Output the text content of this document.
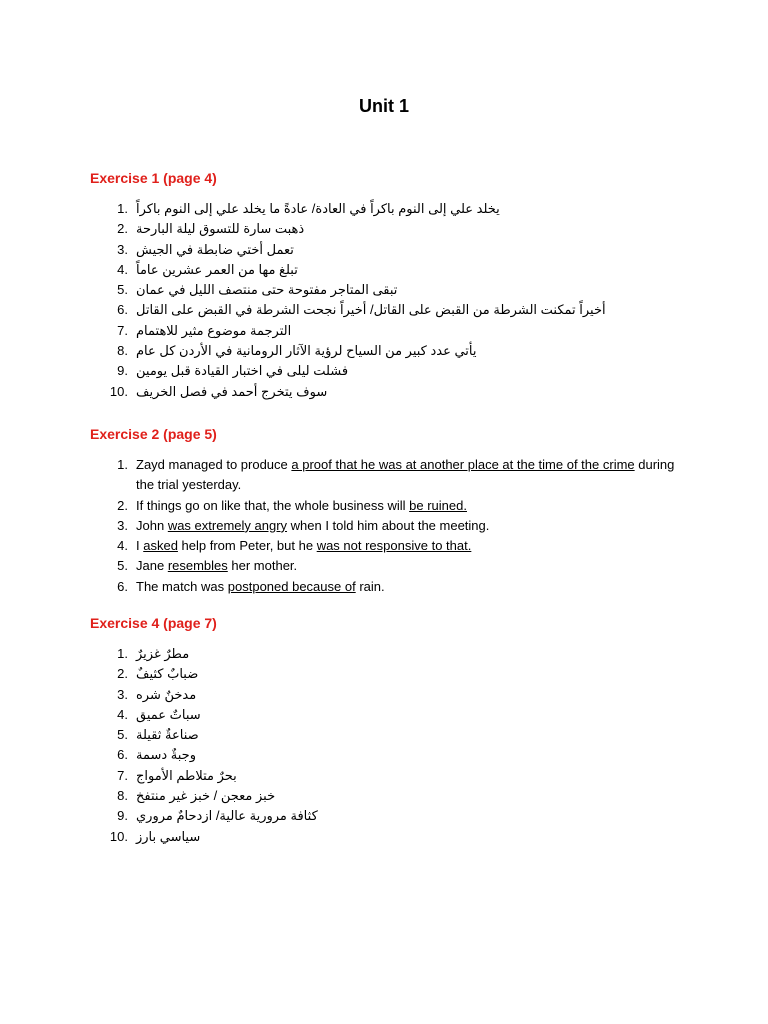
Unit 1
Exercise 1 (page 4)
1. يخلد علي إلى النوم باكراً في العادة/ عادةً ما يخلد علي إلى النوم باكراً
2. ذهبت سارة للتسوق ليلة البارحة
3. تعمل أختي ضابطة في الجيش
4. تبلغ مها من العمر عشرين عاماً
5. تبقى المتاجر مفتوحة حتى منتصف الليل في عمان
6. أخيراً تمكنت الشرطة من القبض على القاتل/ أخيراً نجحت الشرطة في القبض على القاتل
7. الترجمة موضوع مثير للاهتمام
8. يأتي عدد كبير من السياح لرؤية الآثار الرومانية في الأردن كل عام
9. فشلت ليلى في اختبار القيادة قبل يومين
10. سوف يتخرج أحمد في فصل الخريف
Exercise 2 (page 5)
1. Zayd managed to produce a proof that he was at another place at the time of the crime during the trial yesterday.
2. If things go on like that, the whole business will be ruined.
3. John was extremely angry when I told him about the meeting.
4. I asked help from Peter, but he was not responsive to that.
5. Jane resembles her mother.
6. The match was postponed because of rain.
Exercise 4 (page 7)
1. مطرٌ غزيرٌ
2. ضبابٌ كثيفٌ
3. مدخنٌ شره
4. سباتٌ عميق
5. صناعةٌ ثقيلة
6. وجبةٌ دسمة
7. بحرٌ متلاطم الأمواج
8. خبز معجن / خبز غير منتفخ
9. كثافة مرورية عالية/ ازدحامٌ مروري
10. سياسي بارز
